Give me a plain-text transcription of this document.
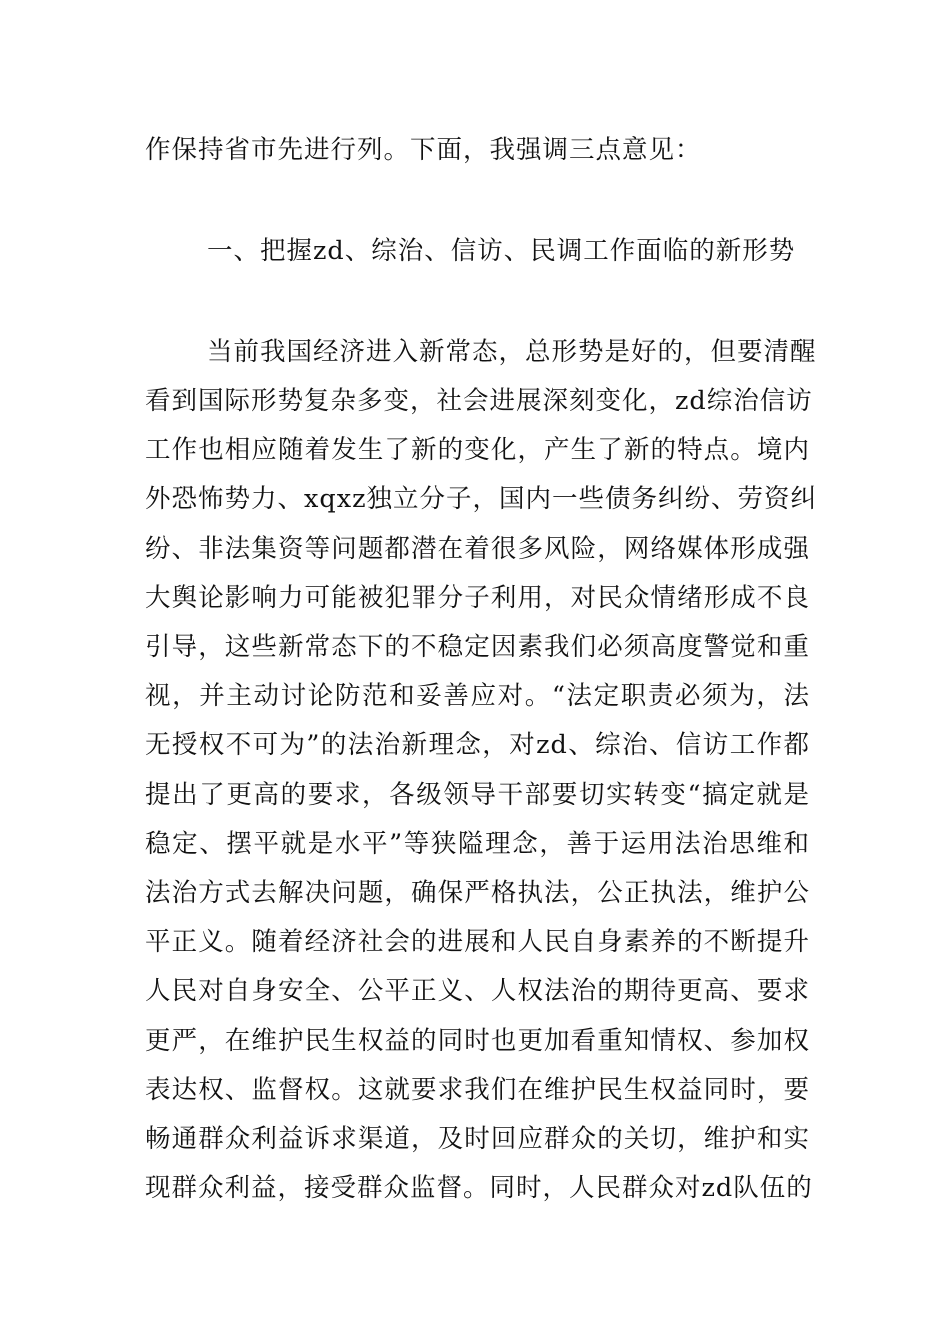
作保持省市先进行列。下面，我强调三点意见：
一、把握zd、综治、信访、民调工作面临的新形势
当前我国经济进入新常态，总形势是好的，但要清醒
看到国际形势复杂多变，社会进展深刻变化，zd综治信访
工作也相应随着发生了新的变化，产生了新的特点。境内
外恐怖势力、xqxz独立分子，国内一些债务纠纷、劳资纠
纷、非法集资等问题都潜在着很多风险，网络媒体形成强
大舆论影响力可能被犯罪分子利用，对民众情绪形成不良
引导，这些新常态下的不稳定因素我们必须高度警觉和重
视，并主动讨论防范和妥善应对。“法定职责必须为，法
无授权不可为”的法治新理念，对zd、综治、信访工作都
提出了更高的要求，各级领导干部要切实转变“搞定就是
稳定、摆平就是水平”等狭隘理念，善于运用法治思维和
法治方式去解决问题，确保严格执法，公正执法，维护公
平正义。随着经济社会的进展和人民自身素养的不断提升
人民对自身安全、公平正义、人权法治的期待更高、要求
更严，在维护民生权益的同时也更加看重知情权、参加权
表达权、监督权。这就要求我们在维护民生权益同时，要
畅通群众利益诉求渠道，及时回应群众的关切，维护和实
现群众利益，接受群众监督。同时，人民群众对zd队伍的
